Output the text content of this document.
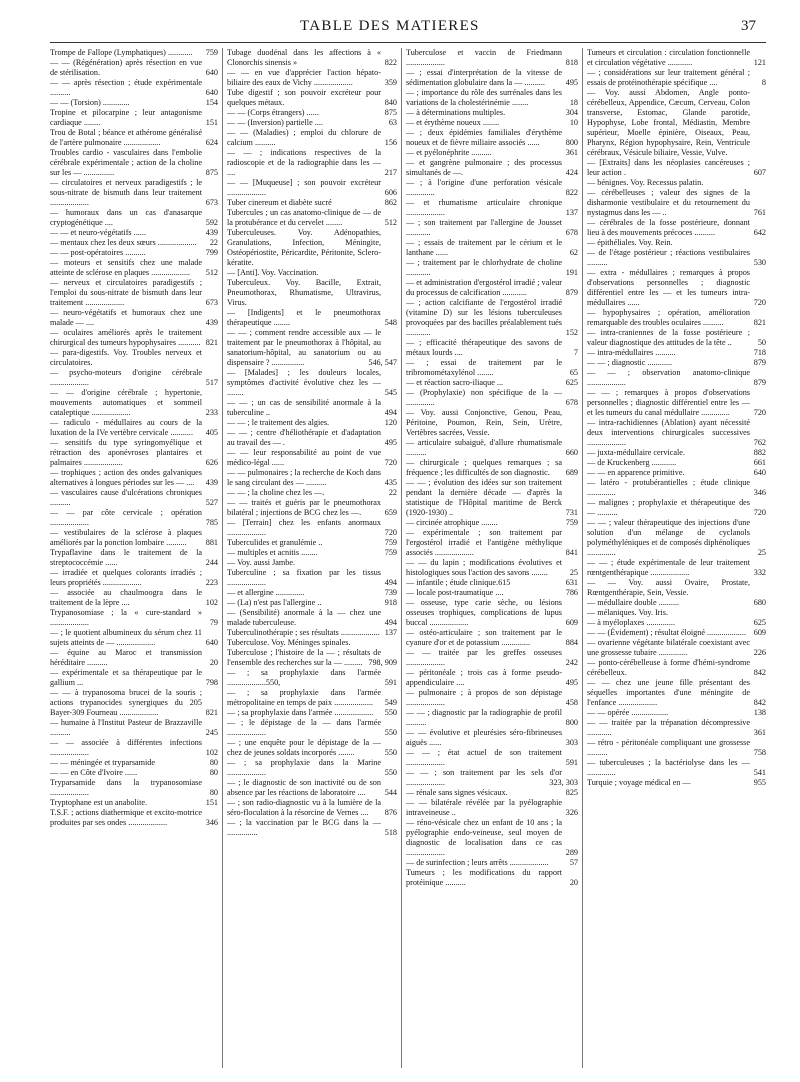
TABLE DES MATIERES	37
Trompe de Fallope (Lymphatiques) ............	759
— — (Régénération) après résection en vue de stérilisation.	640
— — après résection ; étude expérimentale ..........	640
— — (Torsion) .............	154
Tropine et pilocarpine ; leur antagonisme cardiaque ........	151
Trou de Botal ; béance et athérome généralisé de l'artère pulmonaire ..................	624
Troubles cardio - vasculaires dans l'embolie cérébrale expérimentale ; action de la choline sur les — ...............	875
— circulatoires et nerveux paradigestifs ; le sous-nitrate de bismuth dans leur traitement ...................	673
— humoraux dans un cas d'anasarque cryptogénétique ....	592
— — et neuro-végétatifs ......	439
— mentaux chez les deux sœurs ...................	22
— — post-opératoires ..........	799
— moteurs et sensitifs chez une malade atteinte de sclérose en plaques ...................	512
— nerveux et circulatoires paradigestifs ; l'emploi du sous-nitrate de bismuth dans leur traitement ...................	673
— neuro-végétatifs et humoraux chez une malade — ....	439
— oculaires améliorés après le traitement chirurgical des tumeurs hypophysaires ........... 821
— para-digestifs. Voy. Troubles nerveux et circulatoires.
— psycho-moteurs d'origine cérébrale ...................	517
— — d'origine cérébrale ; hypertonie, mouvements automatiques et sommeil cataleptique ...................	233
— radiculo - médullaires au cours de la luxation de la IVe vertèbre cervicale ...........	405
— sensitifs du type syringomyélique et rétraction des aponévroses plantaires et palmaires ...................	626
— trophiques ; action des ondes galvaniques alternatives à longues périodes sur les — ....	439
— vasculaires cause d'ulcérations chroniques ..........	527
— — par côte cervicale ; opération ...................	785
— vestibulaires de la sclérose à plaques améliorés par la ponction lombaire ..........	881
Trypaflavine dans le traitement de la streptococcémie ......	244
— irradiée et quelques colorants irradiés ; leurs propriétés ...................	223
— associée au chaulmoogra dans le traitement de la lèpre ....	102
Trypanosomiase ; la « cure-standard » ...................	79
— ; le quotient albumineux du sérum chez 11 sujets atteints de — ...................	640
— équine au Maroc et transmission héréditaire ..........	20
— expérimentale et sa thérapeutique par le gallium ...	798
— — à trypanosoma brucei de la souris ; actions trypanocides synergiques du 205 Bayer-309 Fourneau ...................	821
— humaine à l'Institut Pasteur de Brazzaville ..........	245
— — associée à différentes infections ...................	102
— — méningée et tryparsamide	80
— — en Côte d'Ivoire ......	80
Tryparsamide dans la trypanosomiase ...................	80
Tryptophane est un anabolite.	151
T.S.F. ; actions diathermique et excito-motrice produites par ses ondes ...................	346
Tubage duodénal dans les affections à « Clonorchis sinensis »	822
— — en vue d'apprécier l'action hépato-biliaire des eaux de Vichy ...................	359
Tube digestif ; son pouvoir excréteur pour quelques métaux.	840
— — (Corps étrangers) ......	875
— — (Inversion) partielle ....	63
— — (Maladies) ; emploi du chlorure de calcium ..........	156
— — ; indications respectives de la radioscopie et de la radiographie dans les — ....	217
— — [Muqueuse] ; son pouvoir excréteur ...................	606
Tuber cinereum et diabète sucré	862
Tubercules ; un cas anatomo-clinique de — de la protubérance et du cervelet ........	512
Tuberculeuses. Voy. Adénopathies, Granulations, Infection, Méningite, Ostéopériostite, Péricardite, Péritonite, Sclero-kératite.
— [Anti]. Voy. Vaccination.
Tuberculeux. Voy. Bacille, Extrait, Pneumothorax, Rhumatisme, Ultravirus, Virus.
— [Indigents] et le pneumothorax thérapeutique ........	548
— — ; comment rendre accessible aux — le traitement par le pneumothorax à l'hôpital, au sanatorium-hôpital, au sanatorium ou au dispensaire ? ................	546, 547
— [Malades] ; les douleurs locales, symptômes d'activité évolutive chez les — ........	545
— — ; un cas de sensibilité anormale à la tuberculine ..	494
— — ; le traitement des algies.	120
— — ; centre d'héliothérapie et d'adaptation au travail des — .	495
— — leur responsabilité au point de vue médico-légal ......	720
— — pulmonaires ; la recherche de Koch dans le sang circulant des — ..........	435
— — ; la choline chez les —.	22
— — traités et guéris par le pneumothorax bilatéral ; injections de BCG chez les —.	659
— [Terrain] chez les enfants anormaux ...................	720
Tuberculides et granulémie ..	759
— multiples et acnitis ........	759
— Voy. aussi Jambe.
Tuberculine ; sa fixation par les tissus ...................	494
— et allergine ..............	739
— (La) n'est pas l'allergine ..	918
— (Sensibilité) anormale à la — chez une malade tuberculeuse.	494
Tuberculinothérapie ; ses résultats ................... 137
Tuberculose. Voy. Méninges spinales.
Tuberculose ; l'histoire de la — ; résultats de l'ensemble des recherches sur la — ......... 798, 909
— ; sa prophylaxie dans l'armée ...................550,	591
— ; sa prophylaxie dans l'armée métropolitaine en temps de paix ...................	549
— ; sa prophylaxie dans l'armée ...................	550
— ; le dépistage de la — dans l'armée ...................	550
— ; une enquête pour le dépistage de la — chez de jeunes soldats incorporés ........	550
— ; sa prophylaxie dans la Marine ...................	550
— ; le diagnostic de son inactivité ou de son absence par les réactions de laboratoire ....	544
— ; son radio-diagnostic vu à la lumière de la séro-floculation à la résorcine de Vernes ....	876
— ; la vaccination par le BCG dans la — ...............	518
Tuberculose et vaccin de Friedmann ...................	818
— ; essai d'interprétation de la vitesse de sédimentation globulaire dans la — ..........	495
— ; importance du rôle des surrénales dans les variations de la cholestérinémie ........	18
— à déterminations multiples.	304
— et érythème noueux ........	10
— ; deux épidémies familiales d'érythème noueux et de fièvre miliaire associés ......	800
— et pyélonéphrite ..........	361
— et gangrène pulmonaire ; des processus simultanés de —.	424
— ; à l'origine d'une perforation vésicale ..............	822
— et rhumatisme articulaire chronique ...................	137
— ; son traitement par l'allergine de Jousset ............	678
— ; essais de traitement par le cérium et le lanthane ......	62
— ; traitement par le chlorhydrate de choline ............	191
— et administration d'ergostérol irradié ; valeur du processus de calcification ............	879
— ; action calcifiante de l'ergostérol irradié (vitamine D) sur les lésions tuberculeuses provoquées par des bacilles préalablement tués ............	152
— ; efficacité thérapeutique des savons de métaux lourds ....	7
— ; essai de traitement par le tribromométaxylénol ........	65
— et réaction sacro-iliaque ...	625
— (Prophylaxie) non spécifique de la — ..............	678
— Voy. aussi Conjonctive, Genou, Peau, Péritoine, Poumon, Rein, Sein, Urètre, Vertèbres sacrées, Vessie.
— articulaire subaiguë, d'allure rhumatismale ..........	660
— chirurgicale ; quelques remarques ; sa fréquence ; les difficultés de son diagnostic.	689
— — ; évolution des idées sur son traitement pendant la dernière décade — d'après la statistique de l'Hôpital maritime de Berck (1920-1930) ..	731
— circinée atrophique ........	759
— expérimentale ; son traitement par l'ergostérol irradié et l'antigène méthylique associés ...................	841
— — du lapin ; modifications évolutives et histologiques sous l'action des savons ........	25
— infantile ; étude clinique.615	631
— locale post-traumatique ....	786
— osseuse, type carie sèche, ou lésions osseuses trophiques, complications de lupus buccal ...................	609
— ostéo-articulaire ; son traitement par le cyanure d'or et de potassium ..............	884
— — traitée par les greffes osseuses ...................	242
— péritonéale ; trois cas à forme pseudo-appendiculaire ....	495
— pulmonaire ; à propos de son dépistage ...................	458
— — ; diagnostic par la radiographie de profil ..........	800
— — évolutive et pleurésies séro-fibrineuses aiguës ......	303
— — ; état actuel de son traitement ...................	591
— — ; son traitement par les sels d'or ...................	323, 303
— rénale sans signes vésicaux.	825
— — bilatérale révélée par la pyélographie intraveineuse ..	326
— réno-vésicale chez un enfant de 10 ans ; la pyélographie endo-veineuse, seul moyen de diagnostic de localisation dans ce cas ...................	289
— de surinfection ; leurs arrêts ...................	57
Tumeurs ; les modifications du rapport protéinique ..........	20
Tumeurs et circulation : circulation fonctionnelle et circulation végétative ............	121
— ; considérations sur leur traitement général ; essais de protéinothérapie spécifique ....	8
— Voy. aussi Abdomen, Angle ponto-cérébelleux, Appendice, Cæcum, Cerveau, Colon transverse, Estomac, Glande parotide, Hypophyse, Lobe frontal, Médiastin, Membre supérieur, Moelle épinière, Oiseaux, Peau, Pharynx, Région hypophysaire, Rein, Ventricule cérébraux, Vésicule biliaire, Vessie, Vulve.
— [Extraits] dans les néoplasies cancéreuses ; leur action .	607
— bénignes. Voy. Recessus palatin.
— cérébelleuses ; valeur des signes de la disharmonie vestibulaire et du retournement du nystagmus dans les — ..	761
— cérébrales de la fosse postérieure, donnant lieu à des mouvements précoces ..........	642
— épithéliales. Voy. Rein.
— de l'étage postérieur ; réactions vestibulaires ..........	530
— extra - médullaires ; remarques à propos d'observations personnelles ; diagnostic différentiel entre les — et les tumeurs intra-médullaires ......	720
— hypophysaires ; opération, amélioration remarquable des troubles oculaires ..........	821
— intra-craniennes de la fosse postérieure ; valeur diagnostique des attitudes de la tête ..	50
— intra-médullaires ..........	718
— — ; diagnostic ............	879
— — ; observation anatomo-clinique ...................	879
— — ; remarques à propos d'observations personnelles ; diagnostic différentiel entre les — et les tumeurs du canal médullaire ..............	720
— intra-rachidiennes (Ablation) ayant nécessité deux interventions chirurgicales successives ...................	762
— juxta-médullaire cervicale.	882
— de Kruckenberg ............	661
— — en apparence primitive.	640
— latéro - protubérantielles ; étude clinique ..............	346
— malignes ; prophylaxie et thérapeutique des — ..........	720
— — ; valeur thérapeutique des injections d'une solution d'un mélange de cyclanols polyméthyléniques et de composés diphénoliques ..............	25
— — ; étude expérimentale de leur traitement rœntgenthérapique ...................	332
— — Voy. aussi Ovaire, Prostate, Rœntgenthérapie, Sein, Vessie.
— médullaire double ..........	680
— mélaniques. Voy. Iris.
— à myéloplaxes ..............	625
— — (Évidement) ; résultat éloigné ................... 609
— ovarienne végétante bilatérale coexistant avec une grossesse tubaire ..............	226
— ponto-cérébelleuse à forme d'hémi-syndrome cérébelleux.	842
— — chez une jeune fille présentant des séquelles importantes d'une méningite de l'enfance ...................	842
— — opérée ..................	138
— — traitée par la trépanation décompressive ............	361
— rétro - péritonéale compliquant une grossesse ..........	758
— tuberculeuses ; la bactériolyse dans les — ..............	541
Turquie ; voyage médical en —	955
